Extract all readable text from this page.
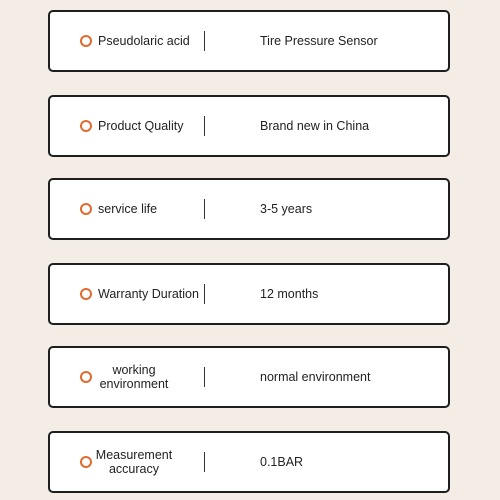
Pseudolaric acid	Tire Pressure Sensor
Product Quality	Brand new in China
service life	3-5 years
Warranty Duration	12 months
working environment	normal environment
Measurement accuracy	0.1BAR
